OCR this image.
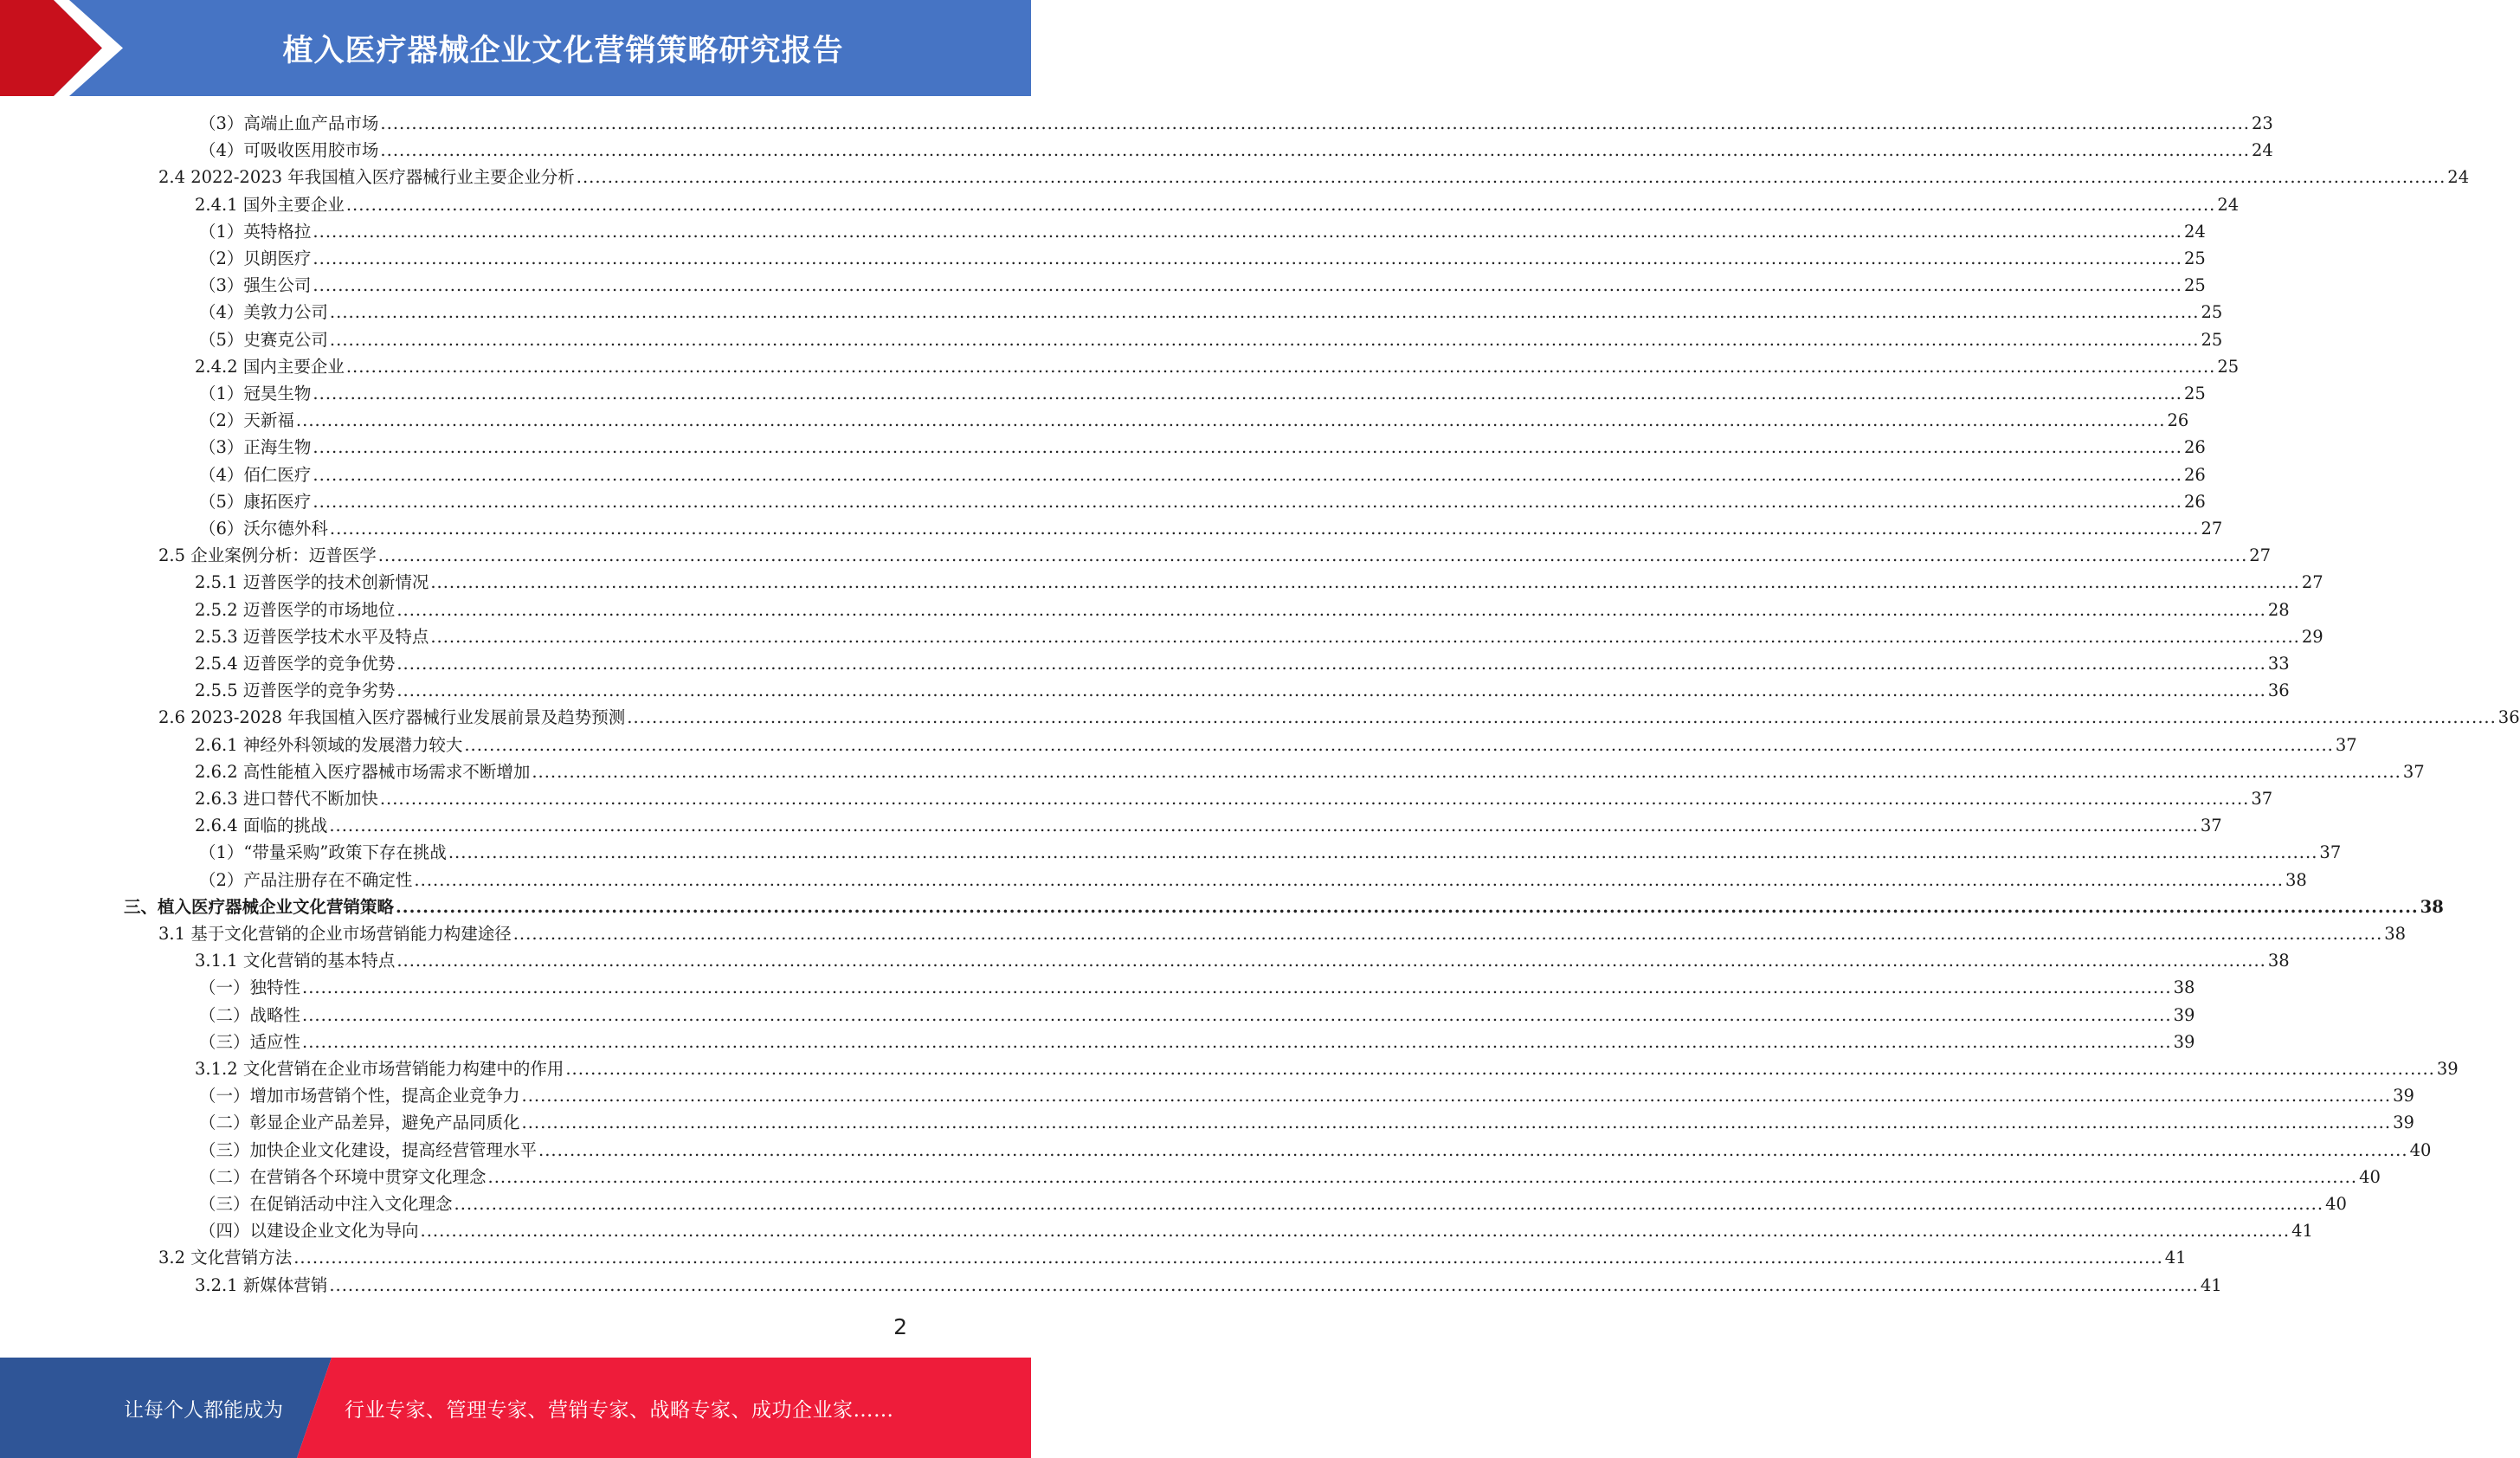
植入医疗器械企业文化营销策略研究报告
（3）高端止血产品市场 ............................................................................................................................................................................................................................................................................................................ 23
（4）可吸收医用胶市场 ............................................................................................................................................................................................................................................................................................................ 24
2.4 2022-2023 年我国植入医疗器械行业主要企业分析 ............................................................................................................................................................................................................................................................................................................ 24
2.4.1 国外主要企业 ............................................................................................................................................................................................................................................................................................................ 24
（1）英特格拉 ............................................................................................................................................................................................................................................................................................................ 24
（2）贝朗医疗 ............................................................................................................................................................................................................................................................................................................ 25
（3）强生公司 ............................................................................................................................................................................................................................................................................................................ 25
（4）美敦力公司 ............................................................................................................................................................................................................................................................................................................ 25
（5）史赛克公司 ............................................................................................................................................................................................................................................................................................................ 25
2.4.2 国内主要企业 ............................................................................................................................................................................................................................................................................................................ 25
（1）冠昊生物 ............................................................................................................................................................................................................................................................................................................ 25
（2）天新福 ............................................................................................................................................................................................................................................................................................................ 26
（3）正海生物 ............................................................................................................................................................................................................................................................................................................ 26
（4）佰仁医疗 ............................................................................................................................................................................................................................................................................................................ 26
（5）康拓医疗 ............................................................................................................................................................................................................................................................................................................ 26
（6）沃尔德外科 ............................................................................................................................................................................................................................................................................................................ 27
2.5 企业案例分析：迈普医学 ............................................................................................................................................................................................................................................................................................................ 27
2.5.1 迈普医学的技术创新情况 ............................................................................................................................................................................................................................................................................................................ 27
2.5.2 迈普医学的市场地位 ............................................................................................................................................................................................................................................................................................................ 28
2.5.3 迈普医学技术水平及特点 ............................................................................................................................................................................................................................................................................................................ 29
2.5.4 迈普医学的竞争优势 ............................................................................................................................................................................................................................................................................................................ 33
2.5.5 迈普医学的竞争劣势 ............................................................................................................................................................................................................................................................................................................ 36
2.6 2023-2028 年我国植入医疗器械行业发展前景及趋势预测 ............................................................................................................................................................................................................................................................................................................ 36
2.6.1 神经外科领域的发展潜力较大 ............................................................................................................................................................................................................................................................................................................ 37
2.6.2 高性能植入医疗器械市场需求不断增加 ............................................................................................................................................................................................................................................................................................................ 37
2.6.3 进口替代不断加快 ............................................................................................................................................................................................................................................................................................................ 37
2.6.4 面临的挑战 ............................................................................................................................................................................................................................................................................................................ 37
（1）“带量采购”政策下存在挑战 ............................................................................................................................................................................................................................................................................................................ 37
（2）产品注册存在不确定性 ............................................................................................................................................................................................................................................................................................................ 38
三、植入医疗器械企业文化营销策略 ............................................................................................................................................................................................................................................................................................................ 38
3.1 基于文化营销的企业市场营销能力构建途径 ............................................................................................................................................................................................................................................................................................................ 38
3.1.1 文化营销的基本特点 ............................................................................................................................................................................................................................................................................................................ 38
（一）独特性 ............................................................................................................................................................................................................................................................................................................ 38
（二）战略性 ............................................................................................................................................................................................................................................................................................................ 39
（三）适应性 ............................................................................................................................................................................................................................................................................................................ 39
3.1.2 文化营销在企业市场营销能力构建中的作用 ............................................................................................................................................................................................................................................................................................................ 39
（一）增加市场营销个性，提高企业竞争力 ............................................................................................................................................................................................................................................................................................................ 39
（二）彰显企业产品差异，避免产品同质化 ............................................................................................................................................................................................................................................................................................................ 39
（三）加快企业文化建设，提高经营管理水平 ............................................................................................................................................................................................................................................................................................................ 40
（二）在营销各个环境中贯穿文化理念 ............................................................................................................................................................................................................................................................................................................ 40
（三）在促销活动中注入文化理念 ............................................................................................................................................................................................................................................................................................................ 40
（四）以建设企业文化为导向 ............................................................................................................................................................................................................................................................................................................ 41
3.2 文化营销方法 ............................................................................................................................................................................................................................................................................................................ 41
3.2.1 新媒体营销 ............................................................................................................................................................................................................................................................................................................ 41
2
让每个人都能成为	行业专家、管理专家、营销专家、战略专家、成功企业家……
